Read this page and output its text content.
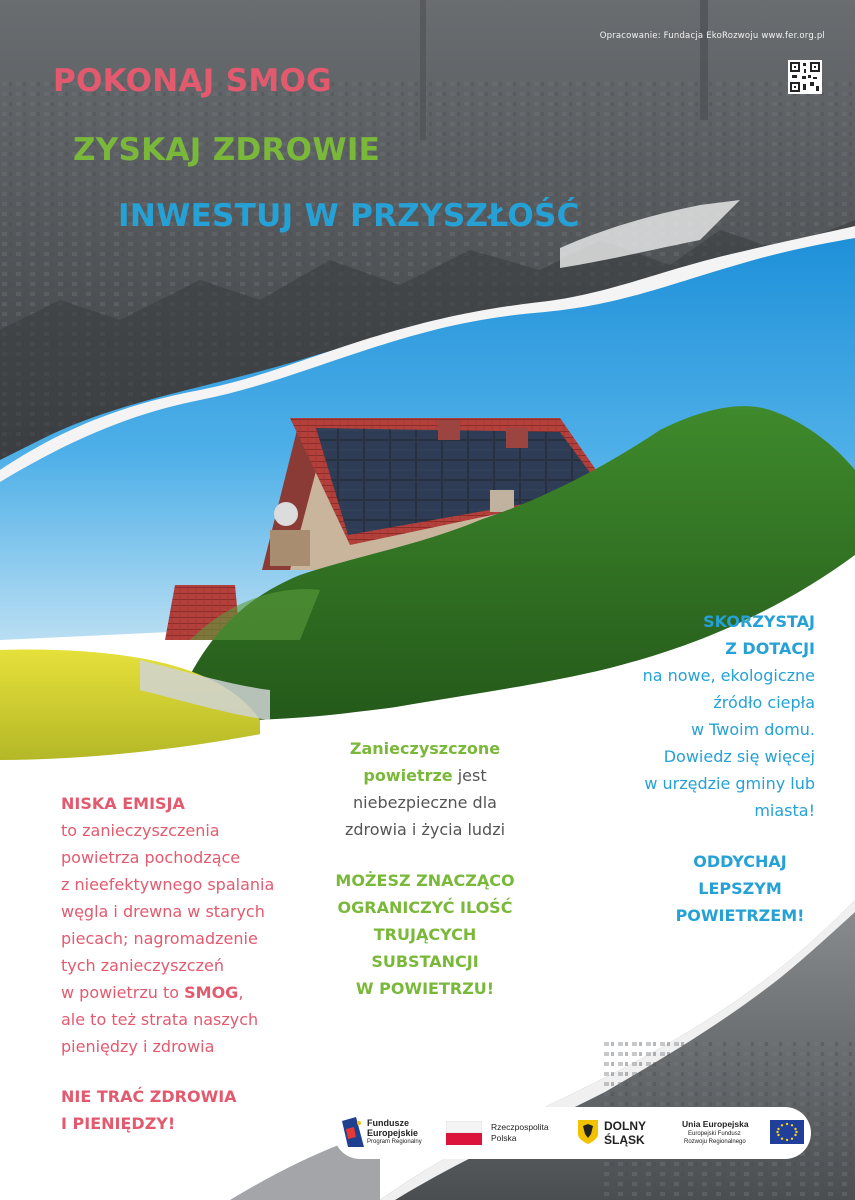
Opracowanie: Fundacja EkoRozwoju www.fer.org.pl
POKONAJ SMOG
ZYSKAJ ZDROWIE
INWESTUJ W PRZYSZŁOŚĆ
Zanieczyszczone
powietrze jest
niebezpieczne dla
zdrowia i życia ludzi
MOŻESZ ZNACZĄCO
OGRANICZYĆ ILOŚĆ
TRUJĄCYCH
SUBSTANCJI
W POWIETRZU!
NISKA EMISJA
to zanieczyszczenia
powietrza pochodzące
z nieefektywnego spalania
węgla i drewna w starych
piecach; nagromadzenie
tych zanieczyszczeń
w powietrzu to SMOG,
ale to też strata naszych
pieniędzy i zdrowia
NIE TRAĆ ZDROWIA
I PIENIĘDZY!
SKORZYSTAJ
Z DOTACJI
na nowe, ekologiczne
źródło ciepła
w Twoim domu.
Dowiedz się więcej
w urzędzie gminy lub
miasta!
ODDYCHAJ
LEPSZYM
POWIETRZEM!
Fundusze
Europejskie
Program Regionalny
Rzeczpospolita
Polska
DOLNY
ŚLĄSK
Unia Europejska
Europejski Fundusz
Rozwoju Regionalnego
